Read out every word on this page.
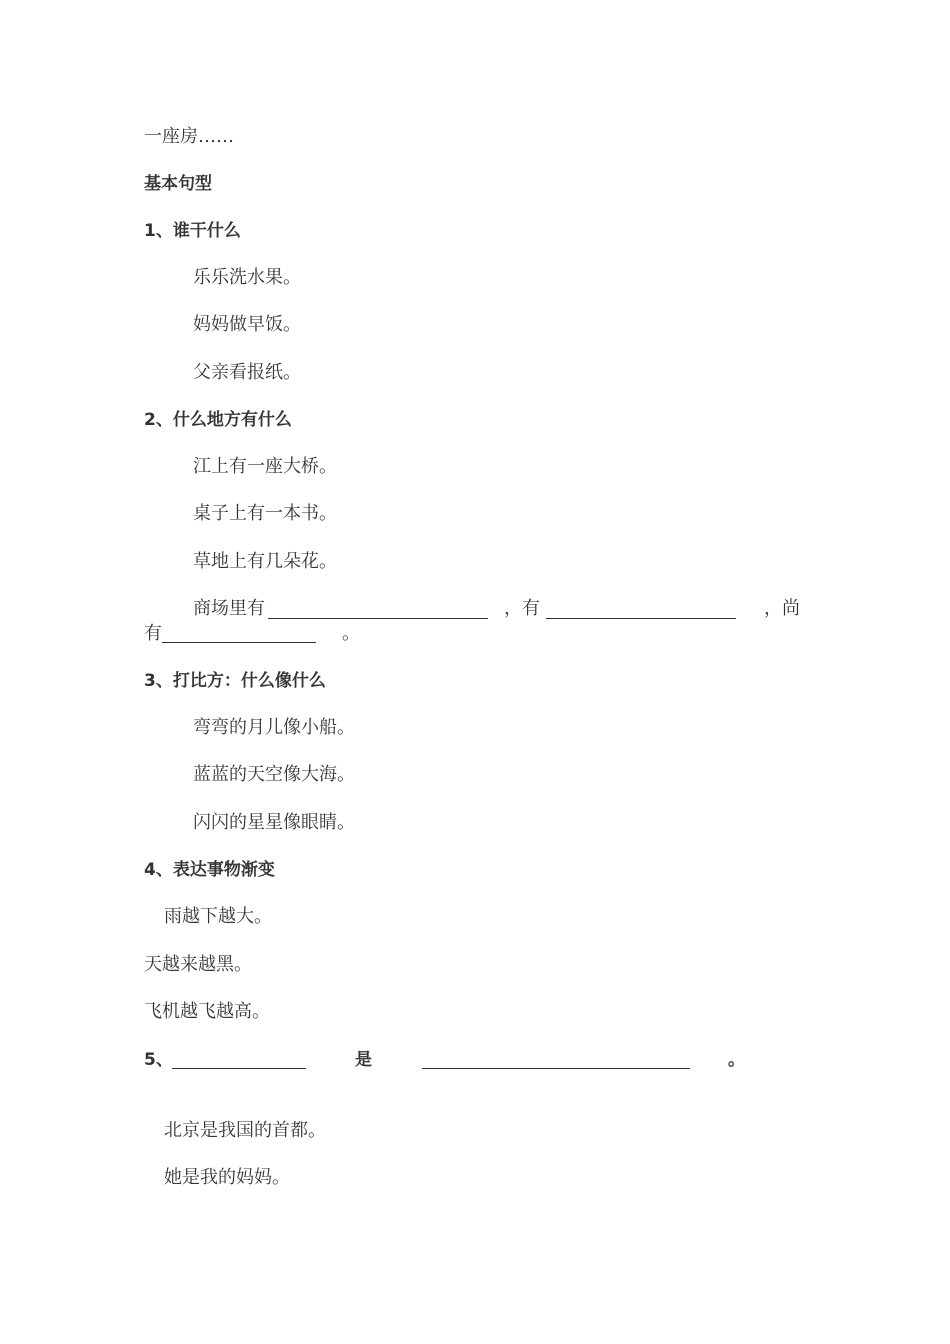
一座房……
基本句型
1、谁干什么
乐乐洗水果。
妈妈做早饭。
父亲看报纸。
2、什么地方有什么
江上有一座大桥。
桌子上有一本书。
草地上有几朵花。
商场里有	，有	，尚
有	。
3、打比方：什么像什么
弯弯的月儿像小船。
蓝蓝的天空像大海。
闪闪的星星像眼睛。
4、表达事物渐变
雨越下越大。
天越来越黑。
飞机越飞越高。
5、	是	。
北京是我国的首都。
她是我的妈妈。
